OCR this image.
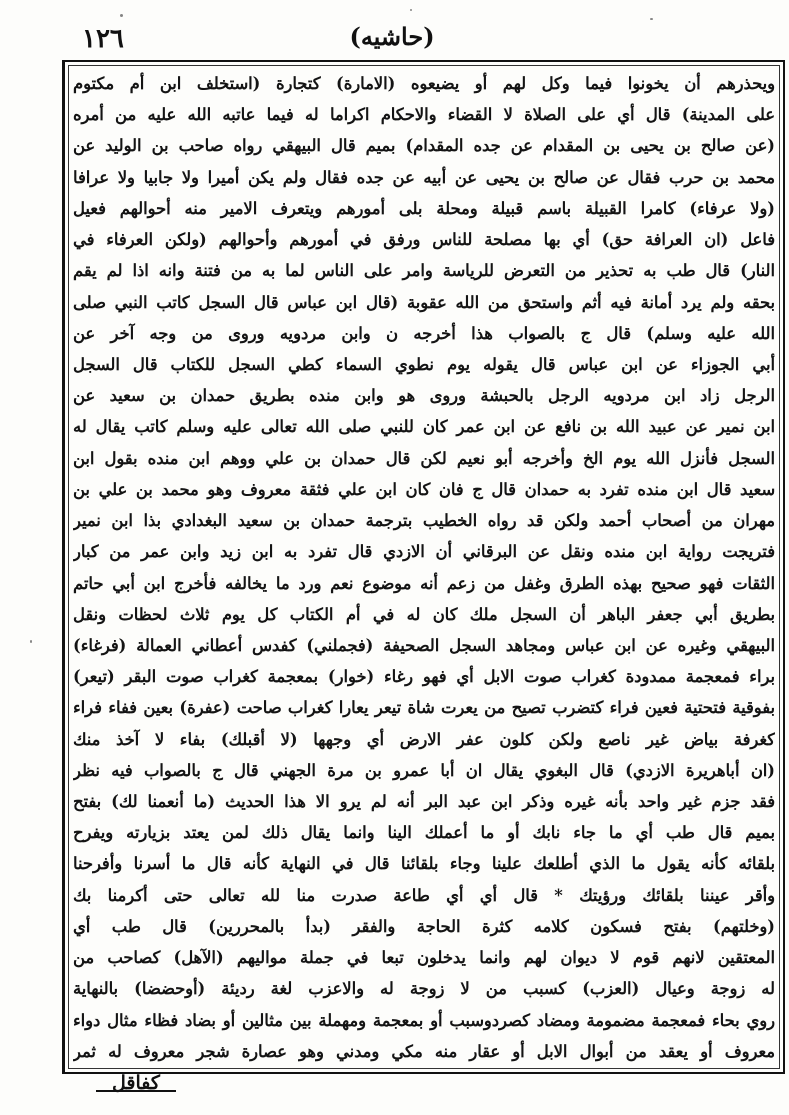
١٢٦	(حاشيه)
ويحذرهم أن يخونوا فيما وكل لهم أو يضيعوه (الامارة) كتجارة (استخلف ابن أم مكتوم
على المدينة) قال أي على الصلاة لا القضاء والاحكام اكراما له فيما عاتبه الله عليه من أمره
(عن صالح بن يحيى بن المقدام عن جده المقدام) بميم قال البيهقي رواه صاحب بن الوليد عن
محمد بن حرب فقال عن صالح بن يحيى عن أبيه عن جده فقال ولم يكن أميرا ولا جابيا ولا عرافا
(ولا عرفاء) كامرا القبيلة باسم قبيلة ومحلة بلى أمورهم ويتعرف الامير منه أحوالهم فعيل
فاعل (ان العرافة حق) أي بها مصلحة للناس ورفق في أمورهم وأحوالهم (ولكن العرفاء في
النار) قال طب به تحذير من التعرض للرياسة وامر على الناس لما به من فتنة وانه اذا لم يقم
بحقه ولم يرد أمانة فيه أثم واستحق من الله عقوبة (قال ابن عباس قال السجل كاتب النبي صلى
الله عليه وسلم) قال ج بالصواب هذا أخرجه ن وابن مردويه وروى من وجه آخر عن
أبي الجوزاء عن ابن عباس قال يقوله يوم نطوي السماء كطي السجل للكتاب قال السجل
الرجل زاد ابن مردويه الرجل بالحبشة وروى هو وابن منده بطريق حمدان بن سعيد عن
ابن نمير عن عبيد الله بن نافع عن ابن عمر كان للنبي صلى الله تعالى عليه وسلم كاتب يقال له
السجل فأنزل الله يوم الخ وأخرجه أبو نعيم لكن قال حمدان بن علي ووهم ابن منده بقول ابن
سعيد قال ابن منده تفرد به حمدان قال ج فان كان ابن علي فثقة معروف وهو محمد بن علي بن
مهران من أصحاب أحمد ولكن قد رواه الخطيب بترجمة حمدان بن سعيد البغدادي بذا ابن نمير
فتريجت رواية ابن منده ونقل عن البرقاني أن الازدي قال تفرد به ابن زيد وابن عمر من كبار
الثقات فهو صحيح بهذه الطرق وغفل من زعم أنه موضوع نعم ورد ما يخالفه فأخرج ابن أبي حاتم
بطريق أبي جعفر الباهر أن السجل ملك كان له في أم الكتاب كل يوم ثلاث لحظات ونقل
البيهقي وغيره عن ابن عباس ومجاهد السجل الصحيفة (فجملني) كفدس أعطاني العمالة (فرغاء)
براء فمعجمة ممدودة كغراب صوت الابل أي فهو رغاء (خوار) بمعجمة كغراب صوت البقر (تيعر)
بفوقية فتحتية فعين فراء كتضرب تصيح من يعرت شاة تيعر يعارا كغراب صاحت (عفرة) بعين ففاء فراء
كغرفة بياض غير ناصع ولكن كلون عفر الارض أي وجهها (لا أقبلك) بفاء لا آخذ منك
(ان أباهريرة الازدي) قال البغوي يقال ان أبا عمرو بن مرة الجهني قال ج بالصواب فيه نظر
فقد جزم غير واحد بأنه غيره وذكر ابن عبد البر أنه لم يرو الا هذا الحديث (ما أنعمنا لك) بفتح
بميم قال طب أي ما جاء نابك أو ما أعملك الينا وانما يقال ذلك لمن يعتد بزيارته ويفرح
بلقائه كأنه يقول ما الذي أطلعك علينا وجاء بلقائنا قال في النهاية كأنه قال ما أسرنا وأفرحنا
وأقر عيننا بلقائك ورؤيتك * قال أي أي طاعة صدرت منا لله تعالى حتى أكرمنا بك
(وخلتهم) بفتح فسكون كلامه كثرة الحاجة والفقر (بدأ بالمحررين) قال طب أي
المعتقين لانهم قوم لا ديوان لهم وانما يدخلون تبعا في جملة مواليهم (الآهل) كصاحب من
له زوجة وعيال (العزب) كسبب من لا زوجة له والاعزب لغة رديئة (أوحضضا) بالنهاية
روي بحاء فمعجمة مضمومة ومضاد كصردوسبب أو بمعجمة ومهملة بين مثالين أو بضاد فظاء مثال دواء
معروف أو يعقد من أبوال الابل أو عقار منه مكي ومدني وهو عصارة شجر معروف له ثمر
كفاقل
